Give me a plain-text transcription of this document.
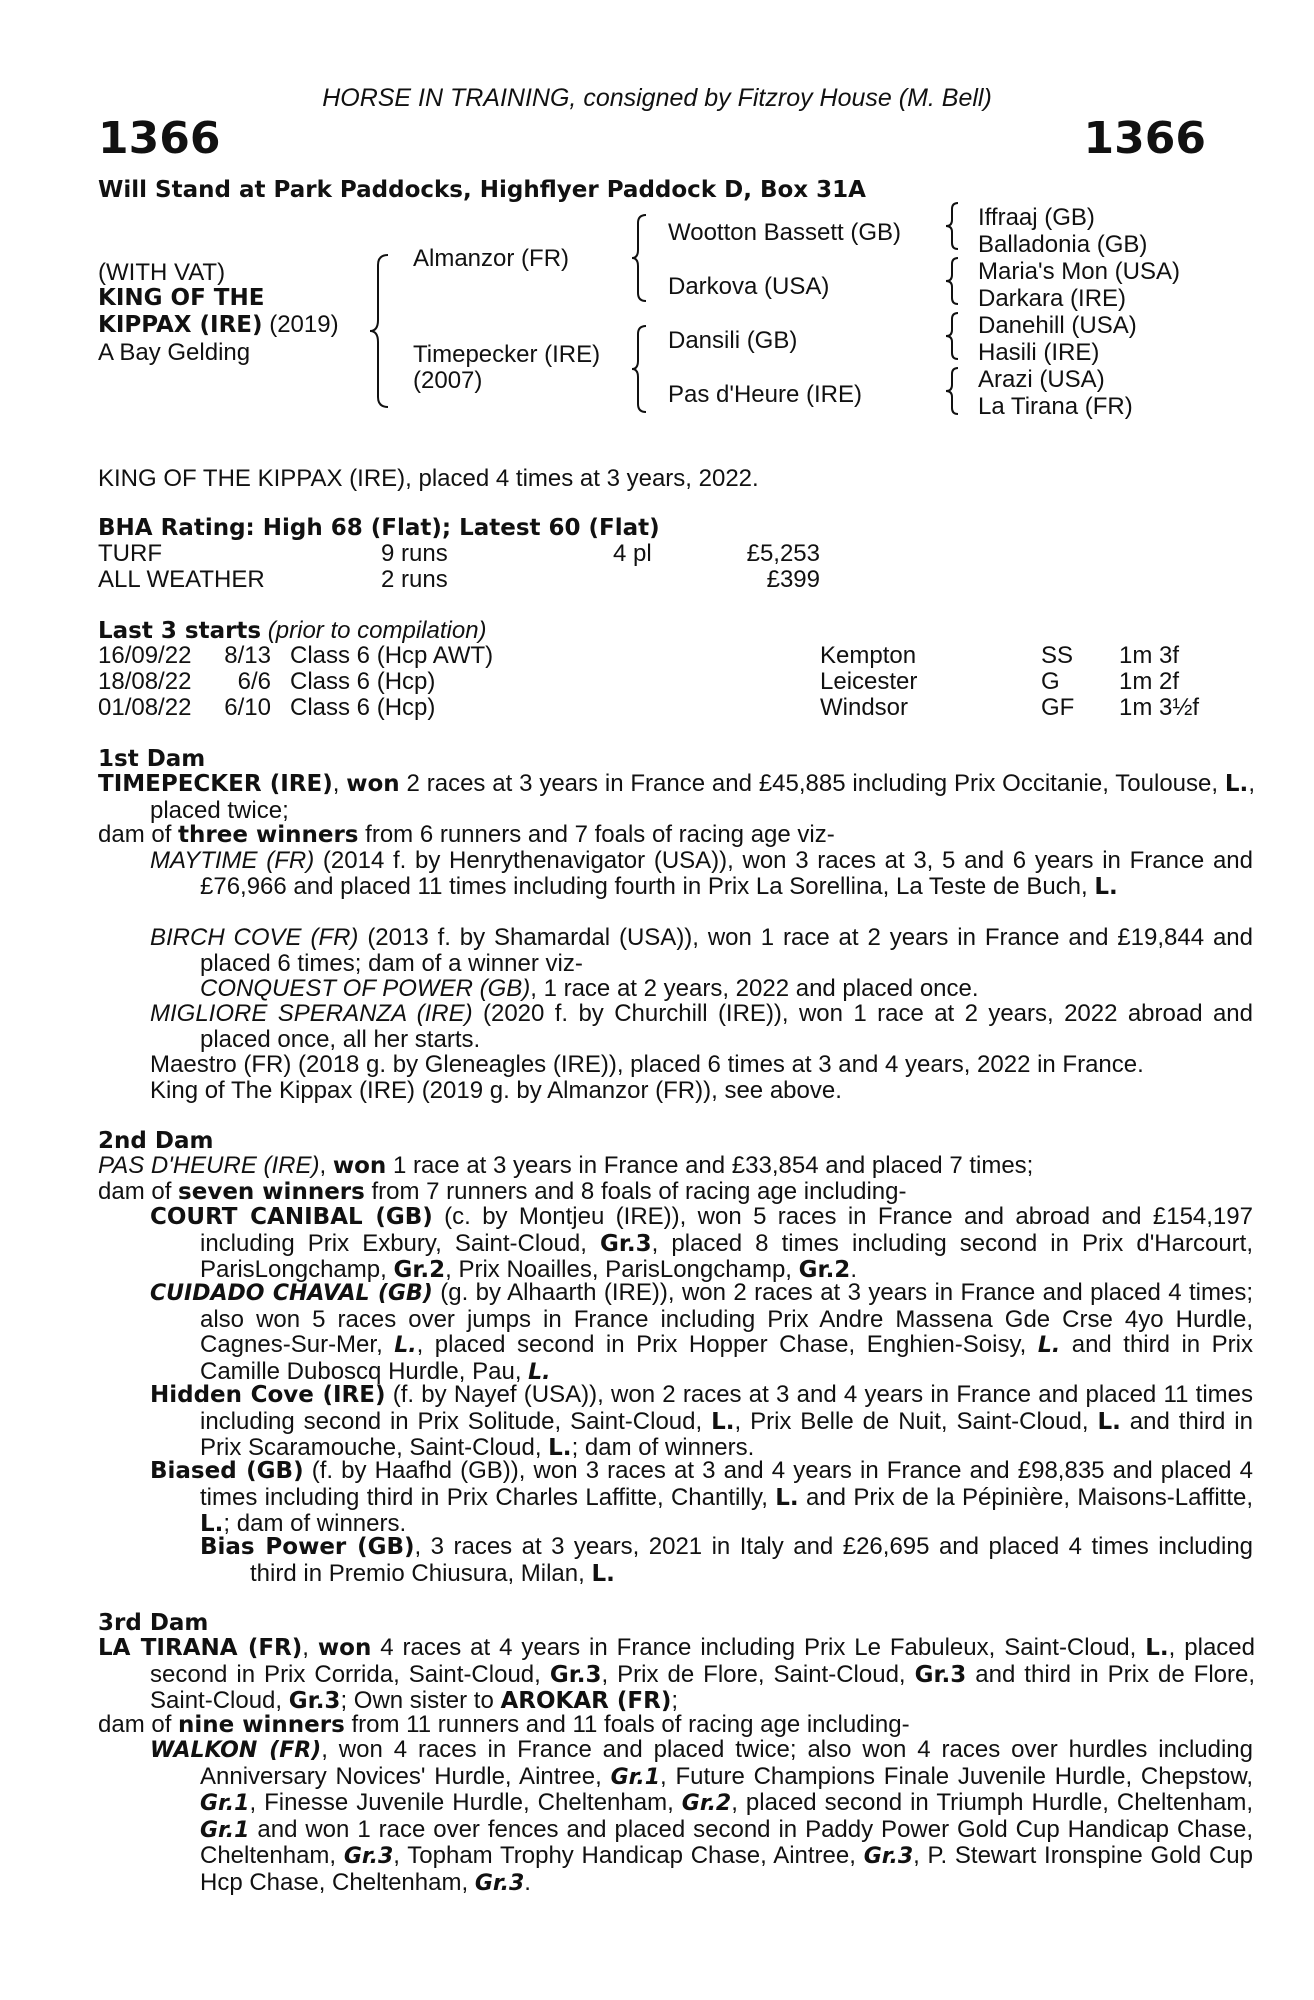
HORSE IN TRAINING, consigned by Fitzroy House (M. Bell)
1366	1366
Will Stand at Park Paddocks, Highflyer Paddock D, Box 31A
(WITH VAT)
KING OF THE
KIPPAX (IRE) (2019)
A Bay Gelding
Almanzor (FR)
Timepecker (IRE)
(2007)
Wootton Bassett (GB)
Darkova (USA)
Dansili (GB)
Pas d'Heure (IRE)
Iffraaj (GB)
Balladonia (GB)
Maria's Mon (USA)
Darkara (IRE)
Danehill (USA)
Hasili (IRE)
Arazi (USA)
La Tirana (FR)
KING OF THE KIPPAX (IRE), placed 4 times at 3 years, 2022.
BHA Rating: High 68 (Flat); Latest 60 (Flat)
TURF	9 runs	4 pl	£5,253
ALL WEATHER	2 runs	£399
Last 3 starts (prior to compilation)
16/09/22 8/13 Class 6 (Hcp AWT)	Kempton	SS 1m 3f
18/08/22 6/6 Class 6 (Hcp)	Leicester	G 1m 2f
01/08/22 6/10 Class 6 (Hcp)	Windsor	GF 1m 3½f
1st Dam
TIMEPECKER (IRE), won 2 races at 3 years in France and £45,885 including Prix Occitanie, Toulouse, L., placed twice;
dam of three winners from 6 runners and 7 foals of racing age viz-
MAYTIME (FR) (2014 f. by Henrythenavigator (USA)), won 3 races at 3, 5 and 6 years in France and £76,966 and placed 11 times including fourth in Prix La Sorellina, La Teste de Buch, L.
BIRCH COVE (FR) (2013 f. by Shamardal (USA)), won 1 race at 2 years in France and £19,844 and placed 6 times; dam of a winner viz-
CONQUEST OF POWER (GB), 1 race at 2 years, 2022 and placed once.
MIGLIORE SPERANZA (IRE) (2020 f. by Churchill (IRE)), won 1 race at 2 years, 2022 abroad and placed once, all her starts.
Maestro (FR) (2018 g. by Gleneagles (IRE)), placed 6 times at 3 and 4 years, 2022 in France.
King of The Kippax (IRE) (2019 g. by Almanzor (FR)), see above.
2nd Dam
PAS D'HEURE (IRE), won 1 race at 3 years in France and £33,854 and placed 7 times;
dam of seven winners from 7 runners and 8 foals of racing age including-
COURT CANIBAL (GB) (c. by Montjeu (IRE)), won 5 races in France and abroad and £154,197 including Prix Exbury, Saint-Cloud, Gr.3, placed 8 times including second in Prix d'Harcourt, ParisLongchamp, Gr.2, Prix Noailles, ParisLongchamp, Gr.2.
CUIDADO CHAVAL (GB) (g. by Alhaarth (IRE)), won 2 races at 3 years in France and placed 4 times; also won 5 races over jumps in France including Prix Andre Massena Gde Crse 4yo Hurdle, Cagnes-Sur-Mer, L., placed second in Prix Hopper Chase, Enghien-Soisy, L. and third in Prix Camille Duboscq Hurdle, Pau, L.
Hidden Cove (IRE) (f. by Nayef (USA)), won 2 races at 3 and 4 years in France and placed 11 times including second in Prix Solitude, Saint-Cloud, L., Prix Belle de Nuit, Saint-Cloud, L. and third in Prix Scaramouche, Saint-Cloud, L.; dam of winners.
Biased (GB) (f. by Haafhd (GB)), won 3 races at 3 and 4 years in France and £98,835 and placed 4 times including third in Prix Charles Laffitte, Chantilly, L. and Prix de la Pépinière, Maisons-Laffitte, L.; dam of winners.
Bias Power (GB), 3 races at 3 years, 2021 in Italy and £26,695 and placed 4 times including third in Premio Chiusura, Milan, L.
3rd Dam
LA TIRANA (FR), won 4 races at 4 years in France including Prix Le Fabuleux, Saint-Cloud, L., placed second in Prix Corrida, Saint-Cloud, Gr.3, Prix de Flore, Saint-Cloud, Gr.3 and third in Prix de Flore, Saint-Cloud, Gr.3; Own sister to AROKAR (FR);
dam of nine winners from 11 runners and 11 foals of racing age including-
WALKON (FR), won 4 races in France and placed twice; also won 4 races over hurdles including Anniversary Novices' Hurdle, Aintree, Gr.1, Future Champions Finale Juvenile Hurdle, Chepstow, Gr.1, Finesse Juvenile Hurdle, Cheltenham, Gr.2, placed second in Triumph Hurdle, Cheltenham, Gr.1 and won 1 race over fences and placed second in Paddy Power Gold Cup Handicap Chase, Cheltenham, Gr.3, Topham Trophy Handicap Chase, Aintree, Gr.3, P. Stewart Ironspine Gold Cup Hcp Chase, Cheltenham, Gr.3.
